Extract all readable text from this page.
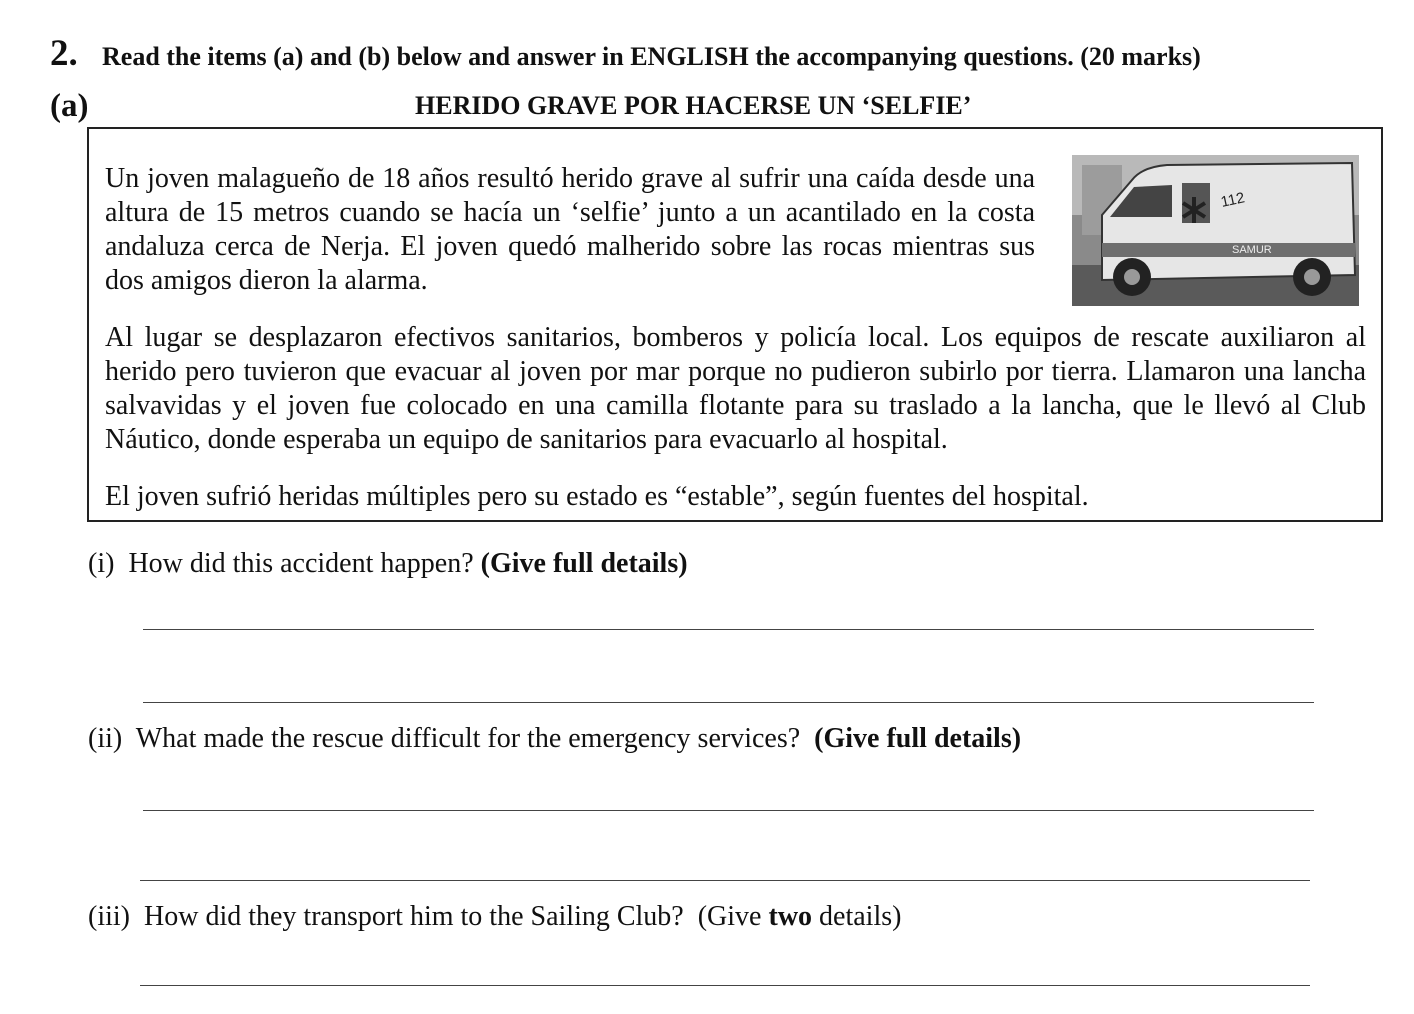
2. Read the items (a) and (b) below and answer in ENGLISH the accompanying questions. (20 marks)
(a)	HERIDO GRAVE POR HACERSE UN ‘SELFIE’
Un joven malagueño de 18 años resultó herido grave al sufrir una caída desde una altura de 15 metros cuando se hacía un ‘selfie’ junto a un acantilado en la costa andaluza cerca de Nerja. El joven quedó malherido sobre las rocas mientras sus dos amigos dieron la alarma.
112
SAMUR
Al lugar se desplazaron efectivos sanitarios, bomberos y policía local. Los equipos de rescate auxiliaron al herido pero tuvieron que evacuar al joven por mar porque no pudieron subirlo por tierra. Llamaron una lancha salvavidas y el joven fue colocado en una camilla flotante para su traslado a la lancha, que le llevó al Club Náutico, donde esperaba un equipo de sanitarios para evacuarlo al hospital.
El joven sufrió heridas múltiples pero su estado es “estable”, según fuentes del hospital.
(i) How did this accident happen? (Give full details)
(ii) What made the rescue difficult for the emergency services? (Give full details)
(iii) How did they transport him to the Sailing Club? (Give two details)
